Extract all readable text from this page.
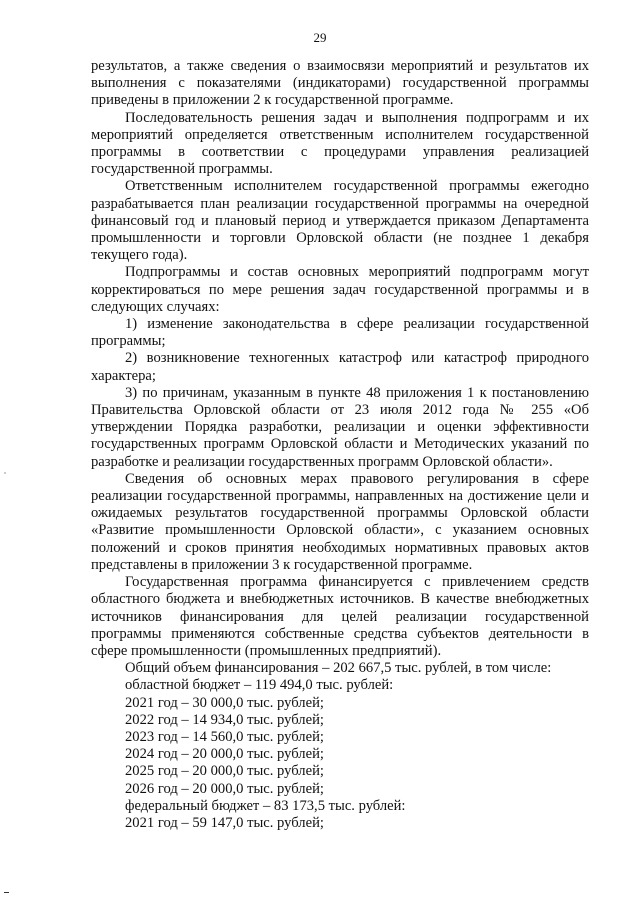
29

результатов, а также сведения о взаимосвязи мероприятий и результатов их выполнения с показателями (индикаторами) государственной программы приведены в приложении 2 к государственной программе.

Последовательность решения задач и выполнения подпрограмм и их мероприятий определяется ответственным исполнителем государственной программы в соответствии с процедурами управления реализацией государственной программы.

Ответственным исполнителем государственной программы ежегодно разрабатывается план реализации государственной программы на очередной финансовый год и плановый период и утверждается приказом Департамента промышленности и торговли Орловской области (не позднее 1 декабря текущего года).

Подпрограммы и состав основных мероприятий подпрограмм могут корректироваться по мере решения задач государственной программы и в следующих случаях:

1) изменение законодательства в сфере реализации государственной программы;

2) возникновение техногенных катастроф или катастроф природного характера;

3) по причинам, указанным в пункте 48 приложения 1 к постановлению Правительства Орловской области от 23 июля 2012 года № 255 «Об утверждении Порядка разработки, реализации и оценки эффективности государственных программ Орловской области и Методических указаний по разработке и реализации государственных программ Орловской области».

Сведения об основных мерах правового регулирования в сфере реализации государственной программы, направленных на достижение цели и ожидаемых результатов государственной программы Орловской области «Развитие промышленности Орловской области», с указанием основных положений и сроков принятия необходимых нормативных правовых актов представлены в приложении 3 к государственной программе.

Государственная программа финансируется с привлечением средств областного бюджета и внебюджетных источников. В качестве внебюджетных источников финансирования для целей реализации государственной программы применяются собственные средства субъектов деятельности в сфере промышленности (промышленных предприятий).

Общий объем финансирования – 202 667,5 тыс. рублей, в том числе:

областной бюджет – 119 494,0 тыс. рублей:

2021 год – 30 000,0 тыс. рублей;

2022 год – 14 934,0 тыс. рублей;

2023 год – 14 560,0 тыс. рублей;

2024 год – 20 000,0 тыс. рублей;

2025 год – 20 000,0 тыс. рублей;

2026 год – 20 000,0 тыс. рублей;

федеральный бюджет – 83 173,5 тыс. рублей:

2021 год – 59 147,0 тыс. рублей;
